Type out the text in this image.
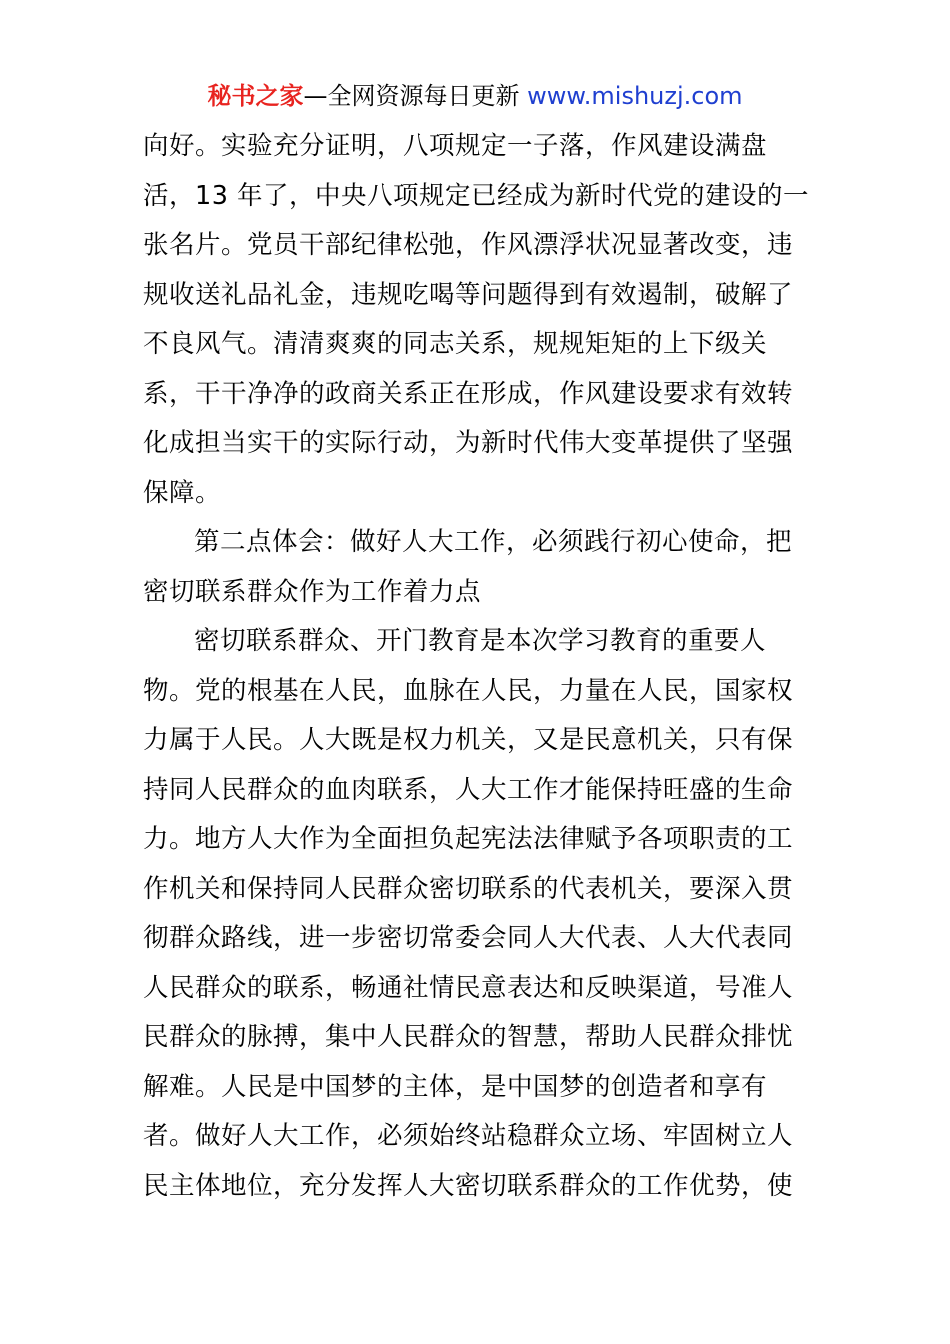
秘书之家—全网资源每日更新 www.mishuzj.com
向好。实验充分证明，八项规定一子落，作风建设满盘
活，13 年了，中央八项规定已经成为新时代党的建设的一
张名片。党员干部纪律松弛，作风漂浮状况显著改变，违
规收送礼品礼金，违规吃喝等问题得到有效遏制，破解了
不良风气。清清爽爽的同志关系，规规矩矩的上下级关
系，干干净净的政商关系正在形成，作风建设要求有效转
化成担当实干的实际行动，为新时代伟大变革提供了坚强
保障。
第二点体会：做好人大工作，必须践行初心使命，把
密切联系群众作为工作着力点
密切联系群众、开门教育是本次学习教育的重要人
物。党的根基在人民，血脉在人民，力量在人民，国家权
力属于人民。人大既是权力机关，又是民意机关，只有保
持同人民群众的血肉联系，人大工作才能保持旺盛的生命
力。地方人大作为全面担负起宪法法律赋予各项职责的工
作机关和保持同人民群众密切联系的代表机关，要深入贯
彻群众路线，进一步密切常委会同人大代表、人大代表同
人民群众的联系，畅通社情民意表达和反映渠道，号准人
民群众的脉搏，集中人民群众的智慧，帮助人民群众排忧
解难。人民是中国梦的主体，是中国梦的创造者和享有
者。做好人大工作，必须始终站稳群众立场、牢固树立人
民主体地位，充分发挥人大密切联系群众的工作优势，使
